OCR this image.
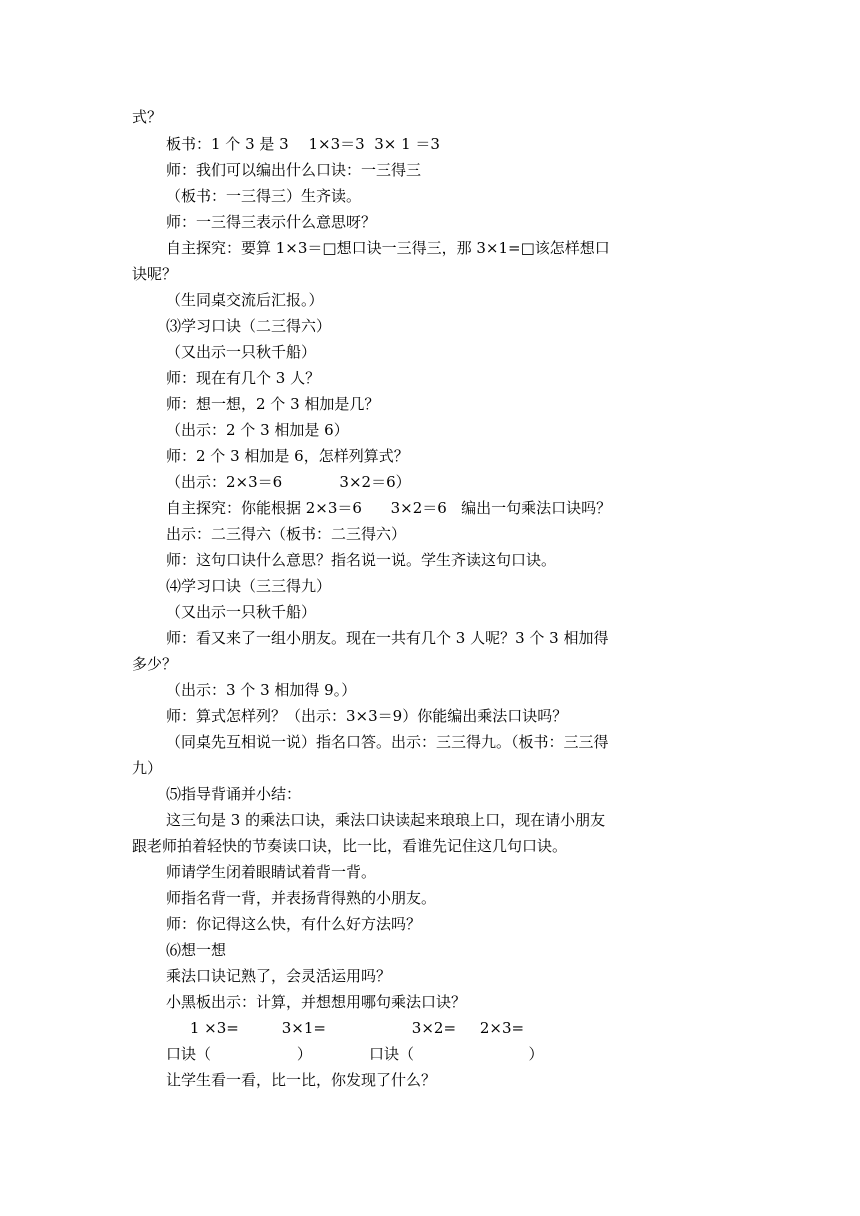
式？
板书：1 个 3 是 3　 1×3＝3  3× 1 ＝3
师：我们可以编出什么口诀：一三得三
（板书：一三得三）生齐读。
师：一三得三表示什么意思呀？
自主探究：要算 1×3＝□想口诀一三得三，那 3×1=□该怎样想口
诀呢？
（生同桌交流后汇报。）
⑶学习口诀（二三得六）
（又出示一只秋千船）
师：现在有几个 3 人？
师：想一想，2 个 3 相加是几？
（出示：2 个 3 相加是 6）
师：2 个 3 相加是 6，怎样列算式？
（出示：2×3＝6            3×2＝6）
自主探究：你能根据 2×3＝6      3×2＝6   编出一句乘法口诀吗？
出示：二三得六（板书：二三得六）
师：这句口诀什么意思？指名说一说。学生齐读这句口诀。
⑷学习口诀（三三得九）
（又出示一只秋千船）
师：看又来了一组小朋友。现在一共有几个 3 人呢？3 个 3 相加得
多少？
（出示：3 个 3 相加得 9。）
师：算式怎样列？（出示：3×3＝9）你能编出乘法口诀吗？
（同桌先互相说一说）指名口答。出示：三三得九。（板书：三三得
九）
⑸指导背诵并小结：
这三句是 3 的乘法口诀，乘法口诀读起来琅琅上口，现在请小朋友
跟老师拍着轻快的节奏读口诀，比一比，看谁先记住这几句口诀。
师请学生闭着眼睛试着背一背。
师指名背一背，并表扬背得熟的小朋友。
师：你记得这么快，有什么好方法吗？
⑹想一想
乘法口诀记熟了，会灵活运用吗？
小黑板出示：计算，并想想用哪句乘法口诀？
1 ×3=         3×1=                  3×2=     2×3=
口诀（                  ）            口诀（                        ）
让学生看一看，比一比，你发现了什么？
